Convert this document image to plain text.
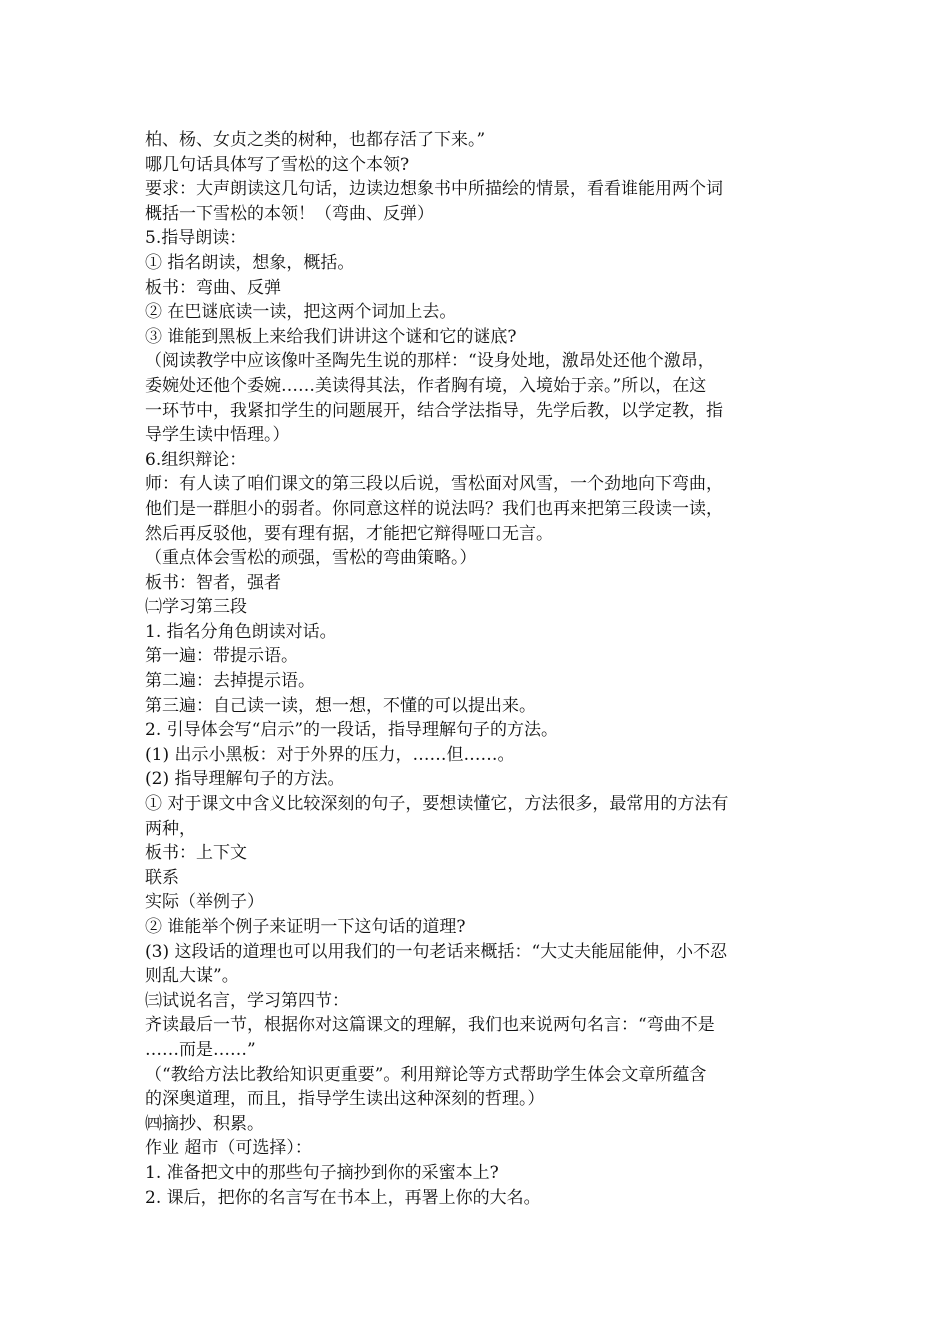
柏、杨、女贞之类的树种，也都存活了下来。”
哪几句话具体写了雪松的这个本领?
要求：大声朗读这几句话，边读边想象书中所描绘的情景，看看谁能用两个词
概括一下雪松的本领！（弯曲、反弹）
5.指导朗读：
① 指名朗读，想象，概括。
板书：弯曲、反弹
② 在巴谜底读一读，把这两个词加上去。
③ 谁能到黑板上来给我们讲讲这个谜和它的谜底?
（阅读教学中应该像叶圣陶先生说的那样：“设身处地，激昂处还他个激昂，
委婉处还他个委婉……美读得其法，作者胸有境，入境始于亲。”所以，在这
一环节中，我紧扣学生的问题展开，结合学法指导，先学后教，以学定教，指
导学生读中悟理。）
6.组织辩论：
师：有人读了咱们课文的第三段以后说，雪松面对风雪，一个劲地向下弯曲，
他们是一群胆小的弱者。你同意这样的说法吗？我们也再来把第三段读一读，
然后再反驳他，要有理有据，才能把它辩得哑口无言。
（重点体会雪松的顽强，雪松的弯曲策略。）
板书：智者，强者
㈡学习第三段
1. 指名分角色朗读对话。
第一遍：带提示语。
第二遍：去掉提示语。
第三遍：自己读一读，想一想，不懂的可以提出来。
2. 引导体会写“启示”的一段话，指导理解句子的方法。
(1) 出示小黑板：对于外界的压力，……但……。
(2) 指导理解句子的方法。
① 对于课文中含义比较深刻的句子，要想读懂它，方法很多，最常用的方法有
两种，
板书：上下文
联系
实际（举例子）
② 谁能举个例子来证明一下这句话的道理?
(3) 这段话的道理也可以用我们的一句老话来概括：“大丈夫能屈能伸，小不忍
则乱大谋”。
㈢试说名言，学习第四节：
齐读最后一节，根据你对这篇课文的理解，我们也来说两句名言：“弯曲不是
……而是……”
（“教给方法比教给知识更重要”。利用辩论等方式帮助学生体会文章所蕴含
的深奥道理，而且，指导学生读出这种深刻的哲理。）
㈣摘抄、积累。
作业 超市（可选择）：
1. 准备把文中的那些句子摘抄到你的采蜜本上?
2. 课后，把你的名言写在书本上，再署上你的大名。
